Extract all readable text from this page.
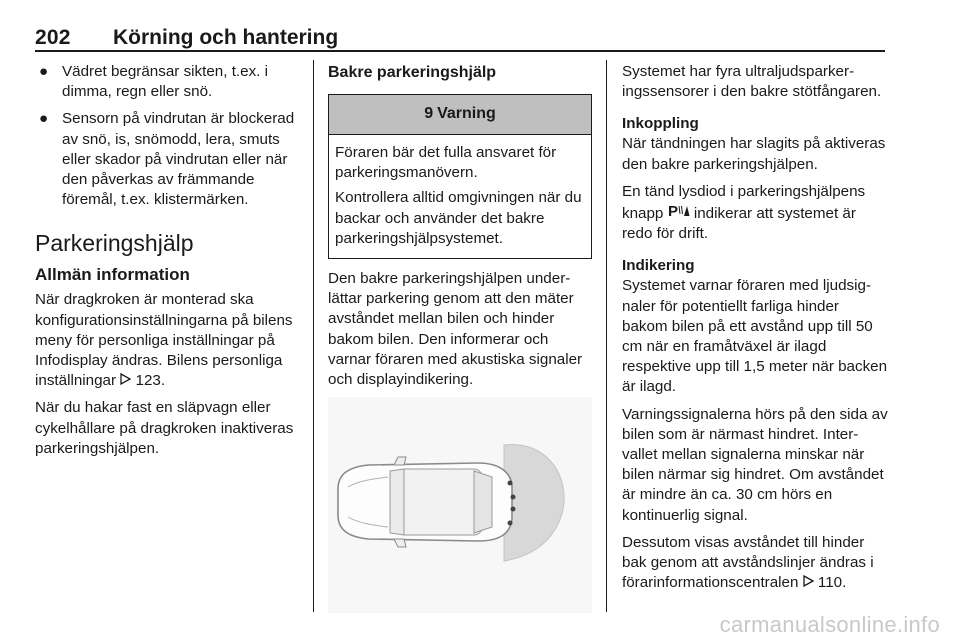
202 Körning och hantering
● Vädret begränsar sikten, t.ex. i dimma, regn eller snö.
● Sensorn på vindrutan är blockerad av snö, is, snömodd, lera, smuts eller skador på vindrutan eller när den påverkas av främmande föremål, t.ex. klistermärken.
Parkeringshjälp
Allmän information

När dragkroken är monterad ska konfigurationsinställningarna på bilens meny för personliga inställningar på Infodisplay ändras. Bilens personliga inställningar 123.

När du hakar fast en släpvagn eller cykelhållare på dragkroken inaktiveras parkeringshjälpen.

Bakre parkeringshjälp
9 Varning

Föraren bär det fulla ansvaret för parkeringsmanövern.

Kontrollera alltid omgivningen när du backar och använder det bakre parkeringshjälpsystemet.

Den bakre parkeringshjälpen underlättar parkering genom att den mäter avståndet mellan bilen och hinder bakom bilen. Den informerar och varnar föraren med akustiska signaler och displayindikering.

Systemet har fyra ultraljudsparkeringssensorer i den bakre stötfångaren.

Inkoppling

När tändningen har slagits på aktiveras den bakre parkeringshjälpen.

En tänd lysdiod i parkeringshjälpens knapp P indikerar att systemet är redo för drift.

Indikering

Systemet varnar föraren med ljudsignaler för potentiellt farliga hinder bakom bilen på ett avstånd upp till 50 cm när en framåtväxel är ilagd respektive upp till 1,5 meter när backen är ilagd.

Varningssignalerna hörs på den sida av bilen som är närmast hindret. Intervallet mellan signalerna minskar när bilen närmar sig hindret. Om avståndet är mindre än ca. 30 cm hörs en kontinuerlig signal.

Dessutom visas avståndet till hinder bak genom att avståndslinjer ändras i förarinformationscentralen 110.

carmanualsonline.info
